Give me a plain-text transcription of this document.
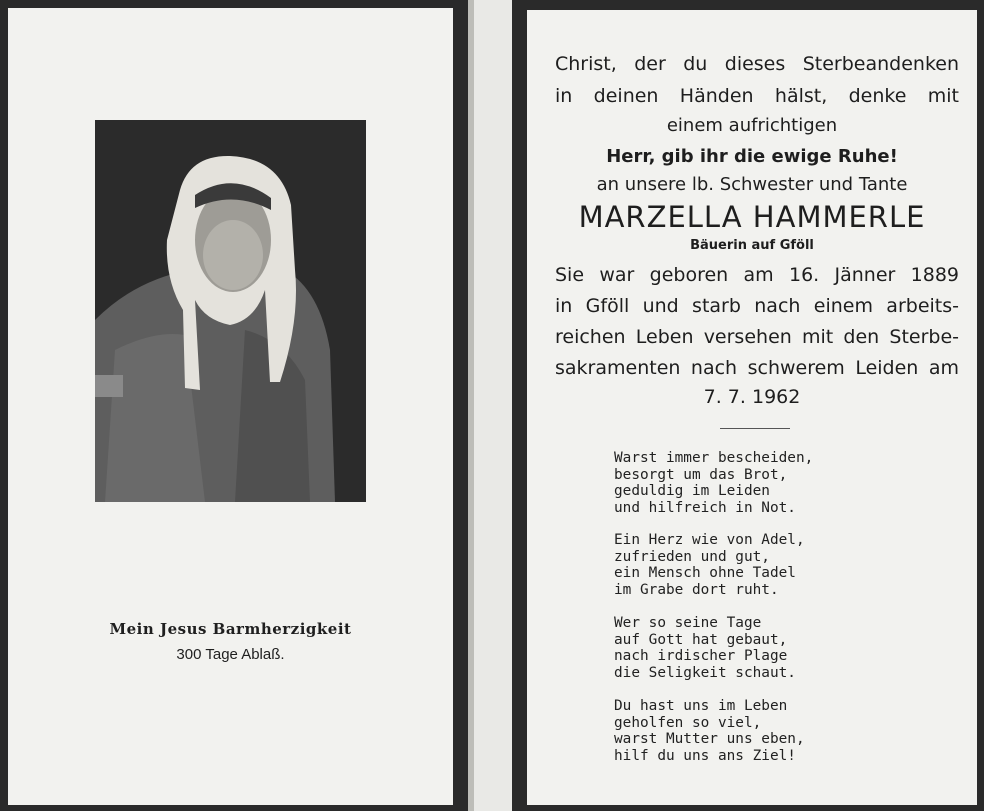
Mein Jesus Barmherzigkeit
300 Tage Ablaß.
Christ, der du dieses Sterbeandenken
in deinen Händen hälst, denke mit
einem aufrichtigen
Herr, gib ihr die ewige Ruhe!
an unsere lb. Schwester und Tante
MARZELLA HAMMERLE
Bäuerin auf Gföll
Sie war geboren am 16. Jänner 1889
in Gföll und starb nach einem arbeits-
reichen Leben versehen mit den Sterbe-
sakramenten nach schwerem Leiden am
7. 7. 1962
Warst immer bescheiden,
besorgt um das Brot,
geduldig im Leiden
und hilfreich in Not.
Ein Herz wie von Adel,
zufrieden und gut,
ein Mensch ohne Tadel
im Grabe dort ruht.
Wer so seine Tage
auf Gott hat gebaut,
nach irdischer Plage
die Seligkeit schaut.
Du hast uns im Leben
geholfen so viel,
warst Mutter uns eben,
hilf du uns ans Ziel!
